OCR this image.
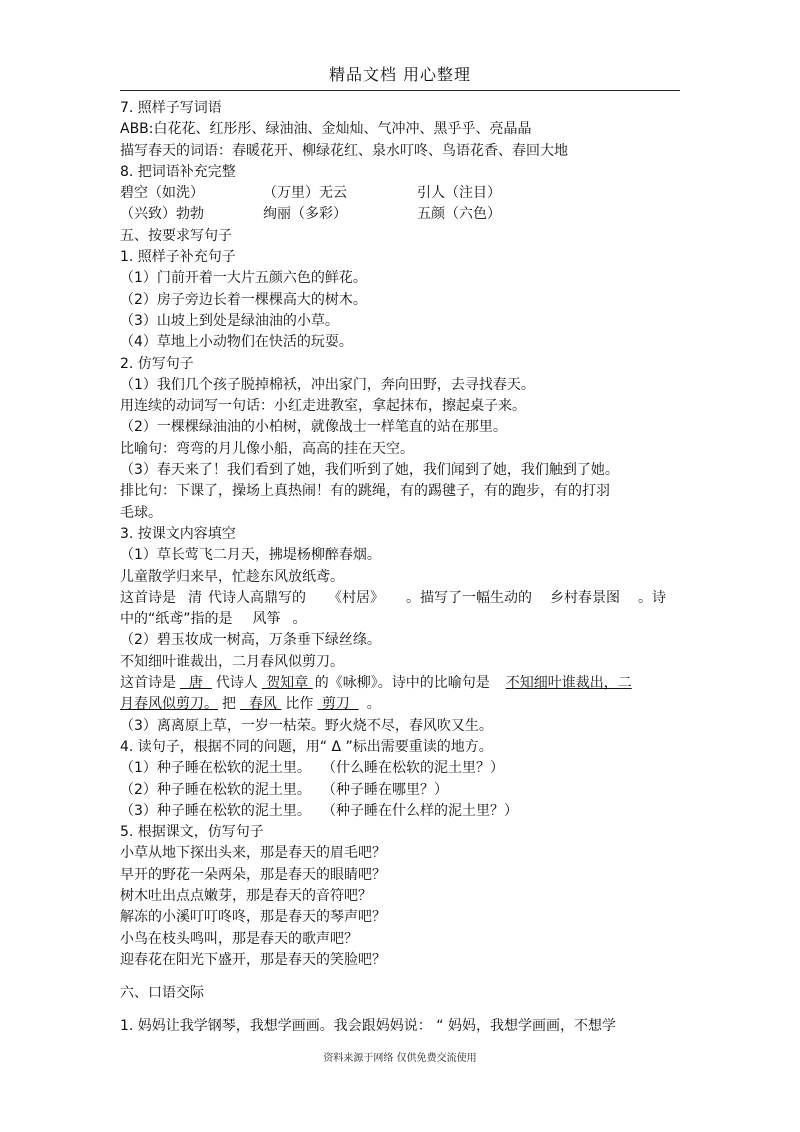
精品文档 用心整理
7. 照样子写词语
ABB:白花花、红彤彤、绿油油、金灿灿、气冲冲、黑乎乎、亮晶晶
描写春天的词语：春暖花开、柳绿花红、泉水叮咚、鸟语花香、春回大地
8. 把词语补充完整
碧空（如洗）	（万里）无云	引人（注目）
（兴致）勃勃	绚丽（多彩）	五颜（六色）
五、按要求写句子
1. 照样子补充句子
（1）门前开着一大片五颜六色的鲜花。
（2）房子旁边长着一棵棵高大的树木。
（3）山坡上到处是绿油油的小草。
（4）草地上小动物们在快活的玩耍。
2. 仿写句子
（1）我们几个孩子脱掉棉袄，冲出家门，奔向田野，去寻找春天。
用连续的动词写一句话：小红走进教室，拿起抹布，擦起桌子来。
（2）一棵棵绿油油的小柏树，就像战士一样笔直的站在那里。
比喻句：弯弯的月儿像小船，高高的挂在天空。
（3）春天来了！我们看到了她，我们听到了她，我们闻到了她，我们触到了她。
排比句：下课了，操场上真热闹！有的跳绳，有的踢毽子，有的跑步，有的打羽
毛球。
3. 按课文内容填空
（1）草长莺飞二月天，拂堤杨柳醉春烟。
儿童散学归来早，忙趁东风放纸鸢。
这首诗是 清 代诗人高鼎写的 《村居》 。描写了一幅生动的 乡村春景图 。诗
中的“纸鸢”指的是 风筝 。
（2）碧玉妆成一树高，万条垂下绿丝绦。
不知细叶谁裁出，二月春风似剪刀。
这首诗是 唐 代诗人 贺知章 的《咏柳》。诗中的比喻句是 不知细叶谁裁出，二
月春风似剪刀。 把 春风 比作 剪刀 。
（3）离离原上草，一岁一枯荣。野火烧不尽，春风吹又生。
4. 读句子，根据不同的问题，用“ Δ ”标出需要重读的地方。
（1）种子睡在松软的泥土里。 （什么睡在松软的泥土里？）
（2）种子睡在松软的泥土里。 （种子睡在哪里？）
（3）种子睡在松软的泥土里。 （种子睡在什么样的泥土里？）
5. 根据课文，仿写句子
小草从地下探出头来，那是春天的眉毛吧？
早开的野花一朵两朵，那是春天的眼睛吧？
树木吐出点点嫩芽，那是春天的音符吧？
解冻的小溪叮叮咚咚，那是春天的琴声吧？
小鸟在枝头鸣叫，那是春天的歌声吧？
迎春花在阳光下盛开，那是春天的笑脸吧？
六、口语交际
1. 妈妈让我学钢琴，我想学画画。我会跟妈妈说： “ 妈妈，我想学画画，不想学
资料来源于网络 仅供免费交流使用
